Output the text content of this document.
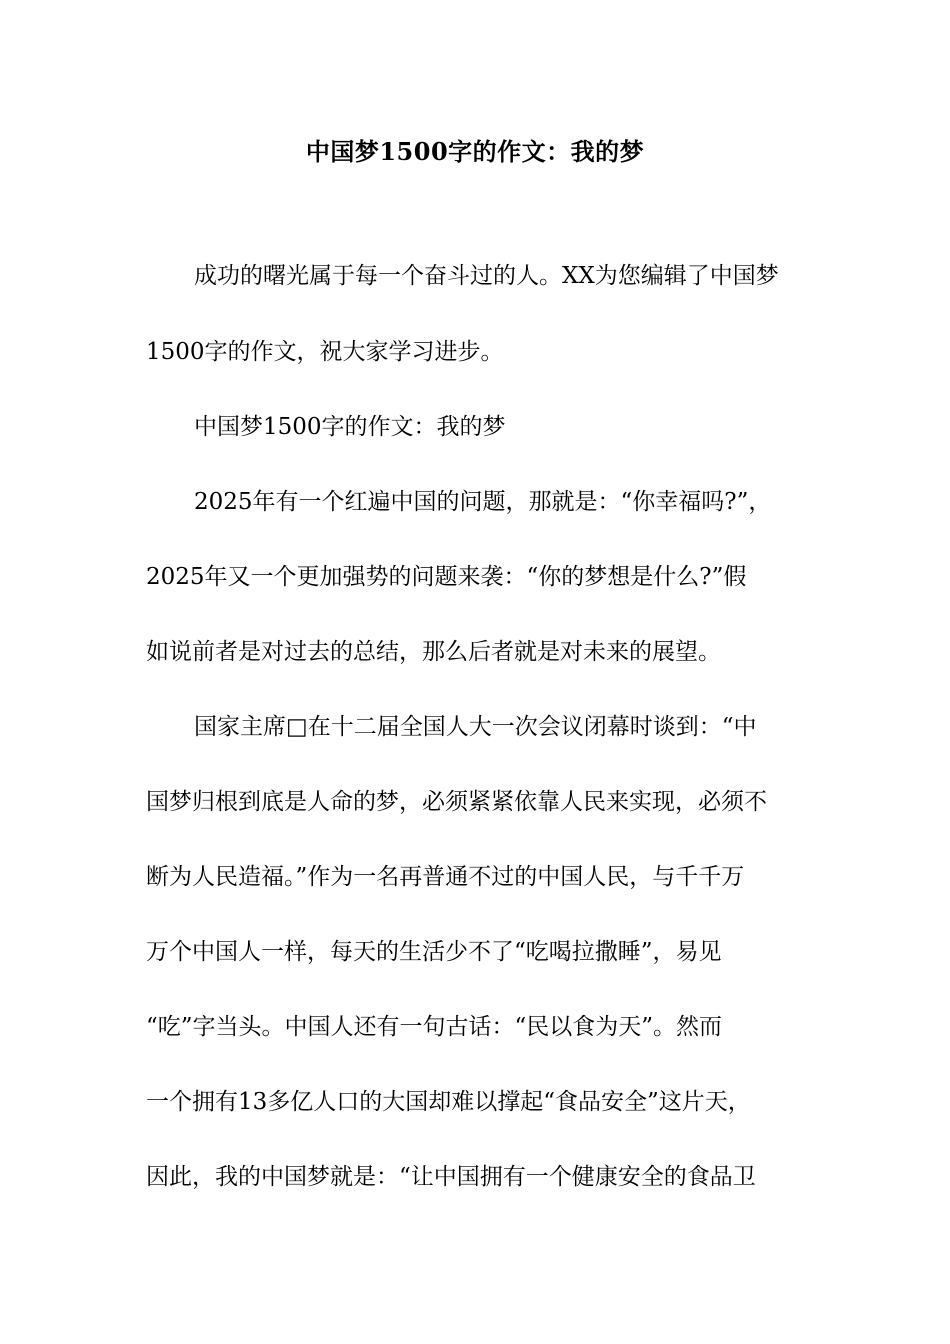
中国梦1500字的作文：我的梦
成功的曙光属于每一个奋斗过的人。XX为您编辑了中国梦
1500字的作文，祝大家学习进步。
中国梦1500字的作文：我的梦
2025年有一个红遍中国的问题，那就是：“你幸福吗?”，
2025年又一个更加强势的问题来袭：“你的梦想是什么?”假
如说前者是对过去的总结，那么后者就是对未来的展望。
国家主席□在十二届全国人大一次会议闭幕时谈到：“中
国梦归根到底是人命的梦，必须紧紧依靠人民来实现，必须不
断为人民造福。”作为一名再普通不过的中国人民，与千千万
万个中国人一样，每天的生活少不了“吃喝拉撒睡”，易见
“吃”字当头。中国人还有一句古话：“民以食为天”。然而
一个拥有13多亿人口的大国却难以撑起“食品安全”这片天，
因此，我的中国梦就是：“让中国拥有一个健康安全的食品卫
